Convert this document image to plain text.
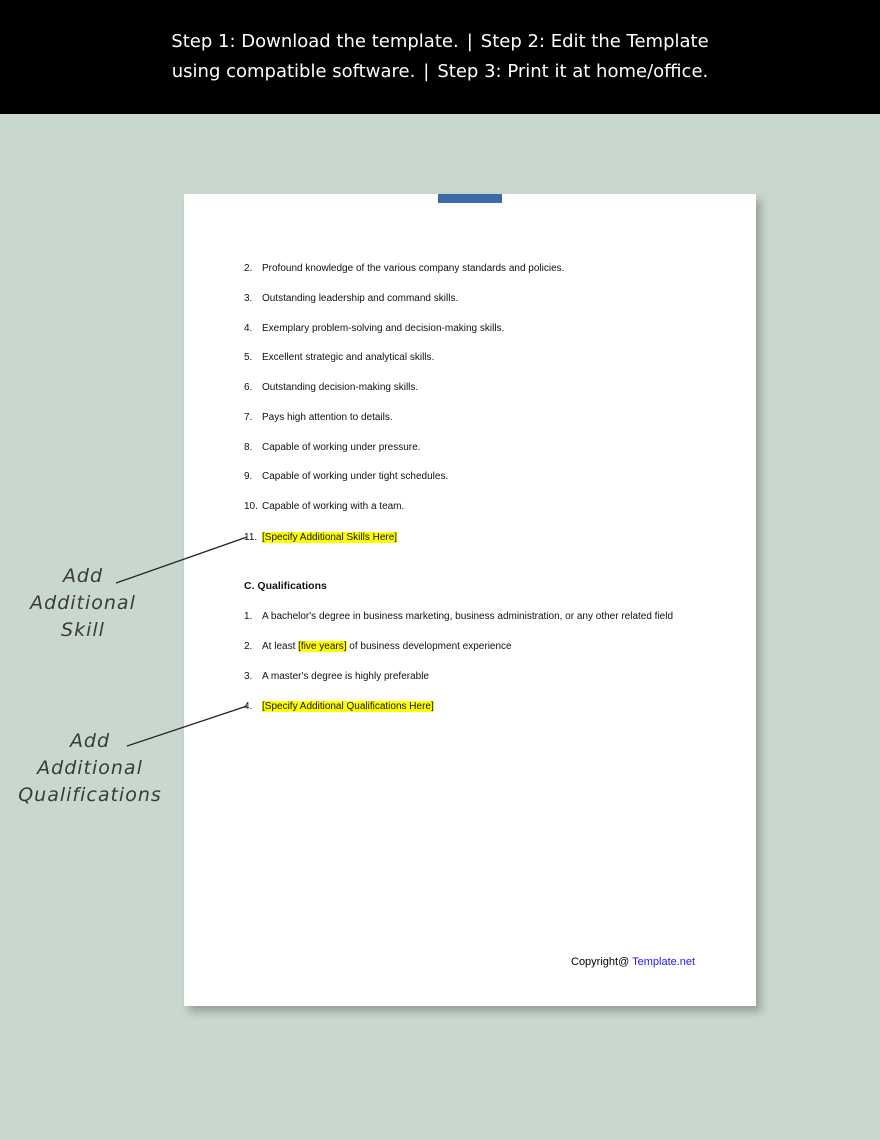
Step 1: Download the template. | Step 2: Edit the Template
using compatible software. | Step 3: Print it at home/office.
2. Profound knowledge of the various company standards and policies.
3. Outstanding leadership and command skills.
4. Exemplary problem-solving and decision-making skills.
5. Excellent strategic and analytical skills.
6. Outstanding decision-making skills.
7. Pays high attention to details.
8. Capable of working under pressure.
9. Capable of working under tight schedules.
10. Capable of working with a team.
11. [Specify Additional Skills Here]
C. Qualifications
1. A bachelor's degree in business marketing, business administration, or any other related field
2. At least [five years] of business development experience
3. A master's degree is highly preferable
4. [Specify Additional Qualifications Here]
Copyright@ Template.net
Add
Additional
Skill
Add
Additional
Qualifications
